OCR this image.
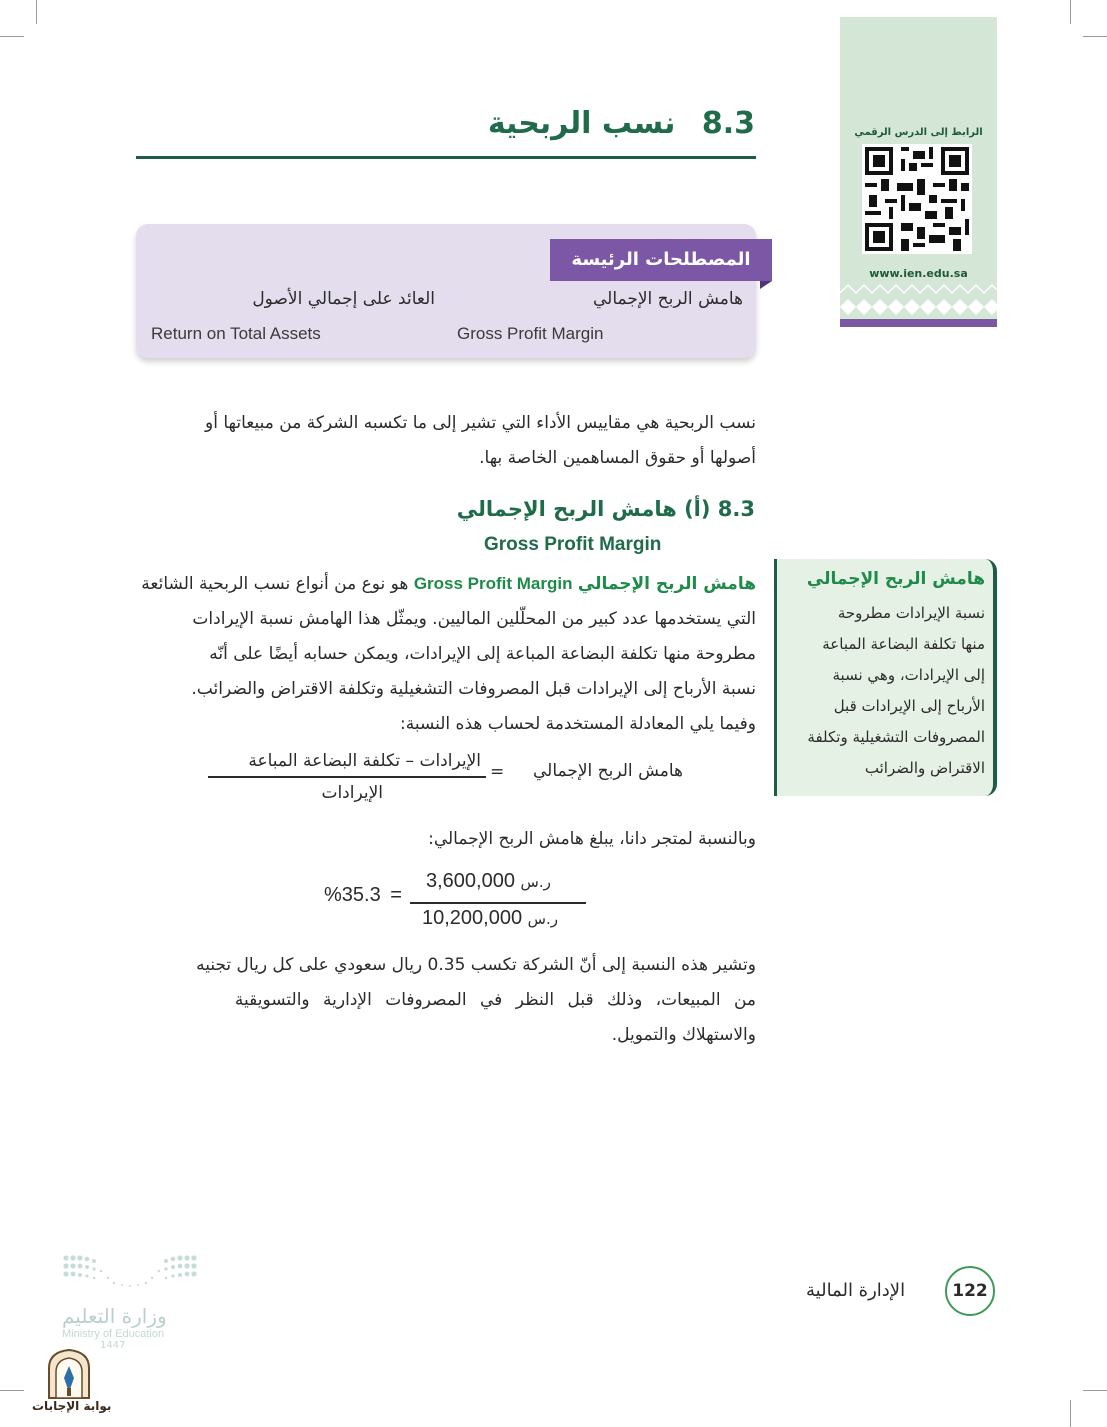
الرابط إلى الدرس الرقمي
www.ien.edu.sa
8.3 نسب الربحية
المصطلحات الرئيسة
هامش الربح الإجمالي
Gross Profit Margin
العائد على إجمالي الأصول
Return on Total Assets
نسب الربحية هي مقاييس الأداء التي تشير إلى ما تكسبه الشركة من مبيعاتها أو
أصولها أو حقوق المساهمين الخاصة بها.
8.3 (أ) هامش الربح الإجمالي
Gross Profit Margin
هامش الربح الإجمالي Gross Profit Margin هو نوع من أنواع نسب الربحية الشائعة
التي يستخدمها عدد كبير من المحلّلين الماليين. ويمثّل هذا الهامش نسبة الإيرادات
مطروحة منها تكلفة البضاعة المباعة إلى الإيرادات، ويمكن حسابه أيضًا على أنّه
نسبة الأرباح إلى الإيرادات قبل المصروفات التشغيلية وتكلفة الاقتراض والضرائب.
وفيما يلي المعادلة المستخدمة لحساب هذه النسبة:
هامش الربح الإجمالي
نسبة الإيرادات مطروحة
منها تكلفة البضاعة المباعة
إلى الإيرادات، وهي نسبة
الأرباح إلى الإيرادات قبل
المصروفات التشغيلية وتكلفة
الاقتراض والضرائب
هامش الربح الإجمالي
=
الإيرادات – تكلفة البضاعة المباعة
الإيرادات
وبالنسبة لمتجر دانا، يبلغ هامش الربح الإجمالي:
ر.س 3,600,000
ر.س 10,200,000
%35.3 =
وتشير هذه النسبة إلى أنّ الشركة تكسب 0.35 ريال سعودي على كل ريال تجنيه
من المبيعات، وذلك قبل النظر في المصروفات الإدارية والتسويقية
والاستهلاك والتمويل.
122
الإدارة المالية
وزارة التعليم
Ministry of Education
1447
بوابة الإجابات
